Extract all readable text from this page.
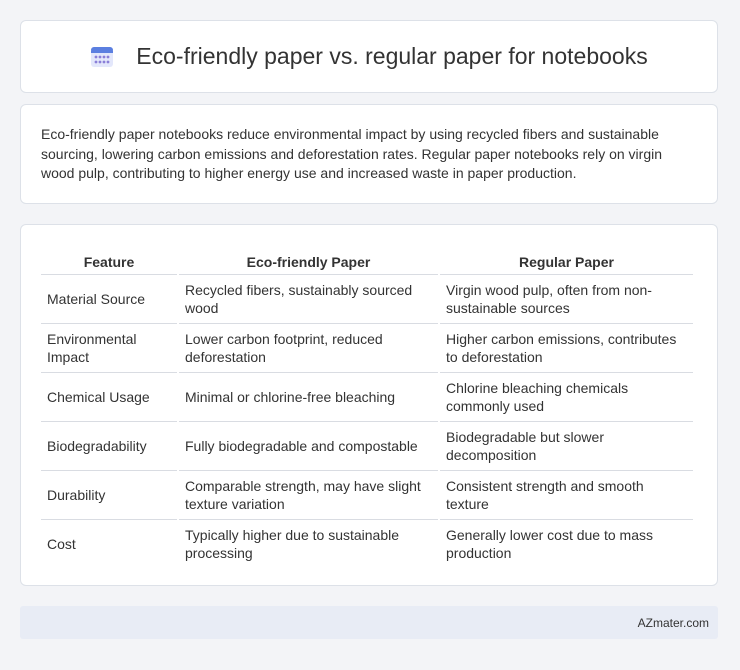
Eco-friendly paper vs. regular paper for notebooks

Eco-friendly paper notebooks reduce environmental impact by using recycled fibers and sustainable sourcing, lowering carbon emissions and deforestation rates. Regular paper notebooks rely on virgin wood pulp, contributing to higher energy use and increased waste in paper production.

Feature	Eco-friendly Paper	Regular Paper
Material Source	Recycled fibers, sustainably sourced wood	Virgin wood pulp, often from non-sustainable sources
Environmental Impact	Lower carbon footprint, reduced deforestation	Higher carbon emissions, contributes to deforestation
Chemical Usage	Minimal or chlorine-free bleaching	Chlorine bleaching chemicals commonly used
Biodegradability	Fully biodegradable and compostable	Biodegradable but slower decomposition
Durability	Comparable strength, may have slight texture variation	Consistent strength and smooth texture
Cost	Typically higher due to sustainable processing	Generally lower cost due to mass production
AZmater.com
